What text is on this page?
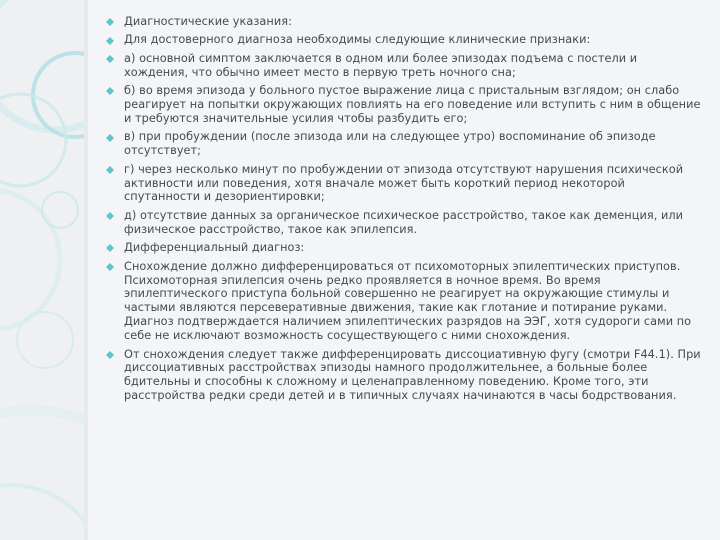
Диагностические указания:
Для достоверного диагноза необходимы следующие клинические признаки:
а) основной симптом заключается в одном или более эпизодах подъема с постели и хождения, что обычно имеет место в первую треть ночного сна;
б) во время эпизода у больного пустое выражение лица с пристальным взглядом; он слабо реагирует на попытки окружающих повлиять на его поведение или вступить с ним в общение и требуются значительные усилия чтобы разбудить его;
в) при пробуждении (после эпизода или на следующее утро) воспоминание об эпизоде отсутствует;
г) через несколько минут по пробуждении от эпизода отсутствуют нарушения психической активности или поведения, хотя вначале может быть короткий период некоторой спутанности и дезориентировки;
д) отсутствие данных за органическое психическое расстройство, такое как деменция, или физическое расстройство, такое как эпилепсия.
Дифференциальный диагноз:
Снохождение должно дифференцироваться от психомоторных эпилептических приступов. Психомоторная эпилепсия очень редко проявляется в ночное время. Во время эпилептического приступа больной совершенно не реагирует на окружающие стимулы и частыми являются персеверативные движения, такие как глотание и потирание руками. Диагноз подтверждается наличием эпилептических разрядов на ЭЭГ, хотя судороги сами по себе не исключают возможность сосуществующего с ними снохождения.
От снохождения следует также дифференцировать диссоциативную фугу (смотри F44.1). При диссоциативных расстройствах эпизоды намного продолжительнее, а больные более бдительны и способны к сложному и целенаправленному поведению. Кроме того, эти расстройства редки среди детей и в типичных случаях начинаются в часы бодрствования.
